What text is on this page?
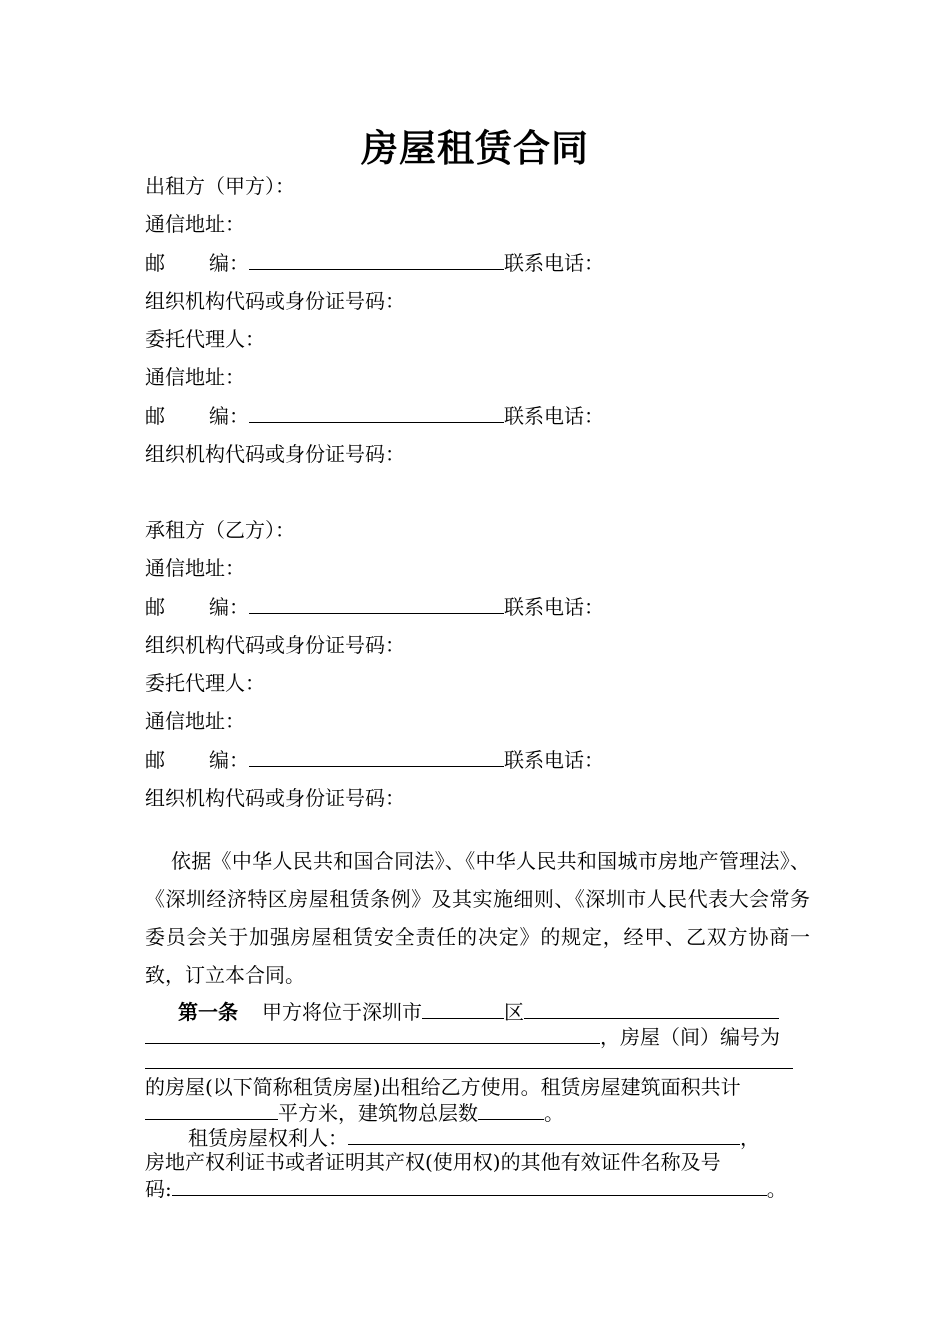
房屋租赁合同
出租方（甲方）：
通信地址：
邮 编：	联系电话：
组织机构代码或身份证号码：
委托代理人：
通信地址：
邮 编：	联系电话：
组织机构代码或身份证号码：
承租方（乙方）：
通信地址：
邮 编：	联系电话：
组织机构代码或身份证号码：
委托代理人：
通信地址：
邮 编：	联系电话：
组织机构代码或身份证号码：
依据《中华人民共和国合同法》、《中华人民共和国城市房地产管理法》、《深圳经济特区房屋租赁条例》及其实施细则、《深圳市人民代表大会常务委员会关于加强房屋租赁安全责任的决定》的规定，经甲、乙双方协商一致，订立本合同。
第一条 甲方将位于深圳市	区
，房屋（间）编号为
的房屋(以下简称租赁房屋)出租给乙方使用。租赁房屋建筑面积共计
平方米，建筑物总层数	。
租赁房屋权利人：	，
房地产权利证书或者证明其产权(使用权)的其他有效证件名称及号
码:	。
